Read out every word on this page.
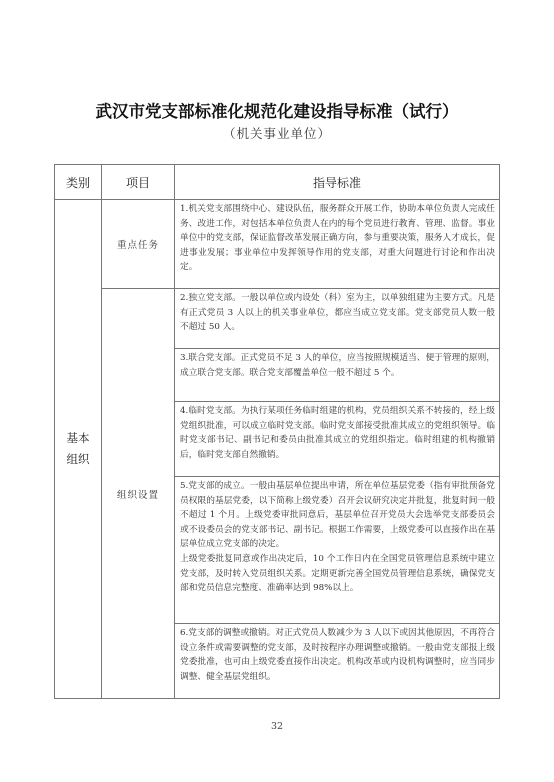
武汉市党支部标准化规范化建设指导标准（试行）
（机关事业单位）
类别	项目	指导标准
基本
组织	重点任务	1.机关党支部围绕中心、建设队伍，服务群众开展工作，协助本单位负责人完成任务、改进工作，对包括本单位负责人在内的每个党员进行教育、管理、监督。事业单位中的党支部，保证监督改革发展正确方向，参与重要决策，服务人才成长，促进事业发展；事业单位中发挥领导作用的党支部，对重大问题进行讨论和作出决定。

	组织设置	2.独立党支部。一般以单位或内设处（科）室为主，以单独组建为主要方式。凡是有正式党员 3 人以上的机关事业单位，都应当成立党支部。党支部党员人数一般不超过 50 人。

		3.联合党支部。正式党员不足 3 人的单位，应当按照规模适当、便于管理的原则，成立联合党支部。联合党支部覆盖单位一般不超过 5 个。

		4.临时党支部。为执行某项任务临时组建的机构，党员组织关系不转接的，经上级党组织批准，可以成立临时党支部。临时党支部接受批准其成立的党组织领导。临时党支部书记、副书记和委员由批准其成立的党组织指定。临时组建的机构撤销后，临时党支部自然撤销。

		5.党支部的成立。一般由基层单位提出申请，所在单位基层党委（指有审批预备党员权限的基层党委，以下简称上级党委）召开会议研究决定并批复，批复时间一般不超过 1 个月。上级党委审批同意后，基层单位召开党员大会选举党支部委员会或不设委员会的党支部书记、副书记。根据工作需要，上级党委可以直接作出在基层单位成立党支部的决定。

上级党委批复同意或作出决定后，10 个工作日内在全国党员管理信息系统中建立党支部，及时转入党员组织关系。定期更新完善全国党员管理信息系统，确保党支部和党员信息完整度、准确率达到 98%以上。

		6.党支部的调整或撤销。对正式党员人数减少为 3 人以下或因其他原因，不再符合设立条件或需要调整的党支部，及时按程序办理调整或撤销。一般由党支部报上级党委批准，也可由上级党委直接作出决定。机构改革或内设机构调整时，应当同步调整、健全基层党组织。

32
